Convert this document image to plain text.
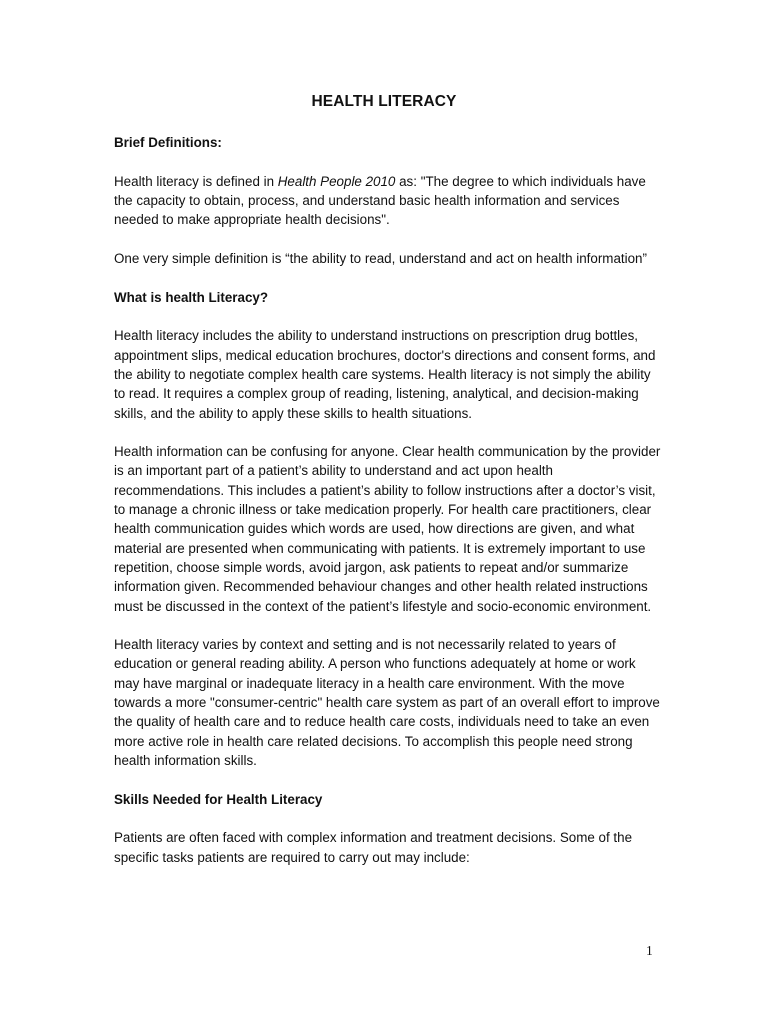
HEALTH LITERACY
Brief Definitions:

Health literacy is defined in Health People 2010 as: "The degree to which individuals have the capacity to obtain, process, and understand basic health information and services needed to make appropriate health decisions".

One very simple definition is “the ability to read, understand and act on health information”

What is health Literacy?

Health literacy includes the ability to understand instructions on prescription drug bottles, appointment slips, medical education brochures, doctor's directions and consent forms, and the ability to negotiate complex health care systems. Health literacy is not simply the ability to read. It requires a complex group of reading, listening, analytical, and decision-making skills, and the ability to apply these skills to health situations.

Health information can be confusing for anyone. Clear health communication by the provider is an important part of a patient’s ability to understand and act upon health recommendations. This includes a patient’s ability to follow instructions after a doctor’s visit, to manage a chronic illness or take medication properly. For health care practitioners, clear health communication guides which words are used, how directions are given, and what material are presented when communicating with patients. It is extremely important to use repetition, choose simple words, avoid jargon, ask patients to repeat and/or summarize information given. Recommended behaviour changes and other health related instructions must be discussed in the context of the patient’s lifestyle and socio-economic environment.

Health literacy varies by context and setting and is not necessarily related to years of education or general reading ability. A person who functions adequately at home or work may have marginal or inadequate literacy in a health care environment. With the move towards a more "consumer-centric" health care system as part of an overall effort to improve the quality of health care and to reduce health care costs, individuals need to take an even more active role in health care related decisions. To accomplish this people need strong health information skills.

Skills Needed for Health Literacy

Patients are often faced with complex information and treatment decisions. Some of the specific tasks patients are required to carry out may include:

1
